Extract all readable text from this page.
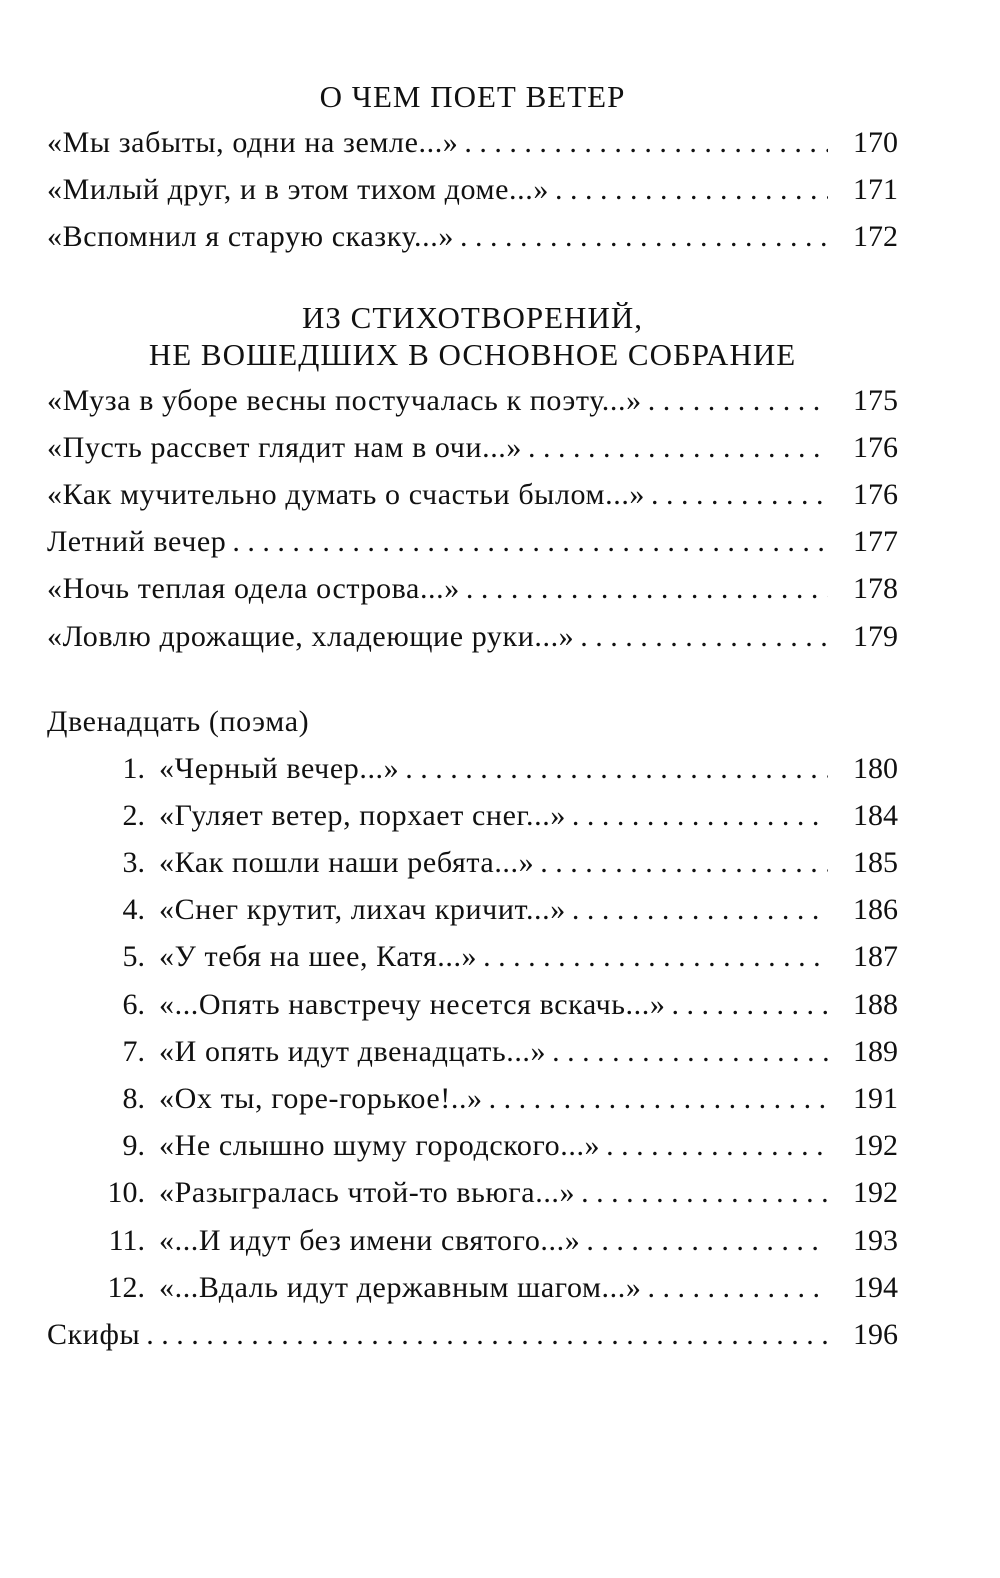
О ЧЕМ ПОЕТ ВЕТЕР

«Мы забыты, одни на земле...» . . .	170
«Милый друг, и в этом тихом доме...» . . .	171
«Вспомнил я старую сказку...» . . .	172

ИЗ СТИХОТВОРЕНИЙ,

НЕ ВОШЕДШИХ В ОСНОВНОЕ СОБРАНИЕ

«Муза в уборе весны постучалась к поэту...» . . .	175
«Пусть рассвет глядит нам в очи...» . . .	176
«Как мучительно думать о счастьи былом...» . . .	176
Летний вечер . . .	177
«Ночь теплая одела острова...» . . .	178
«Ловлю дрожащие, хладеющие руки...» . . .	179
Двенадцать (поэма)
1. «Черный вечер...» . . .	180
2. «Гуляет ветер, порхает снег...» . . .	184
3. «Как пошли наши ребята...» . . .	185
4. «Снег крутит, лихач кричит...» . . .	186
5. «У тебя на шее, Катя...» . . .	187
6. «...Опять навстречу несется вскачь...» . . .	188
7. «И опять идут двенадцать...» . . .	189
8. «Ох ты, горе-горькое!..» . . .	191
9. «Не слышно шуму городского...» . . .	192
10. «Разыгралась чтой-то вьюга...» . . .	192
11. «...И идут без имени святого...» . . .	193
12. «...Вдаль идут державным шагом...» . . .	194
Скифы . . .	196
